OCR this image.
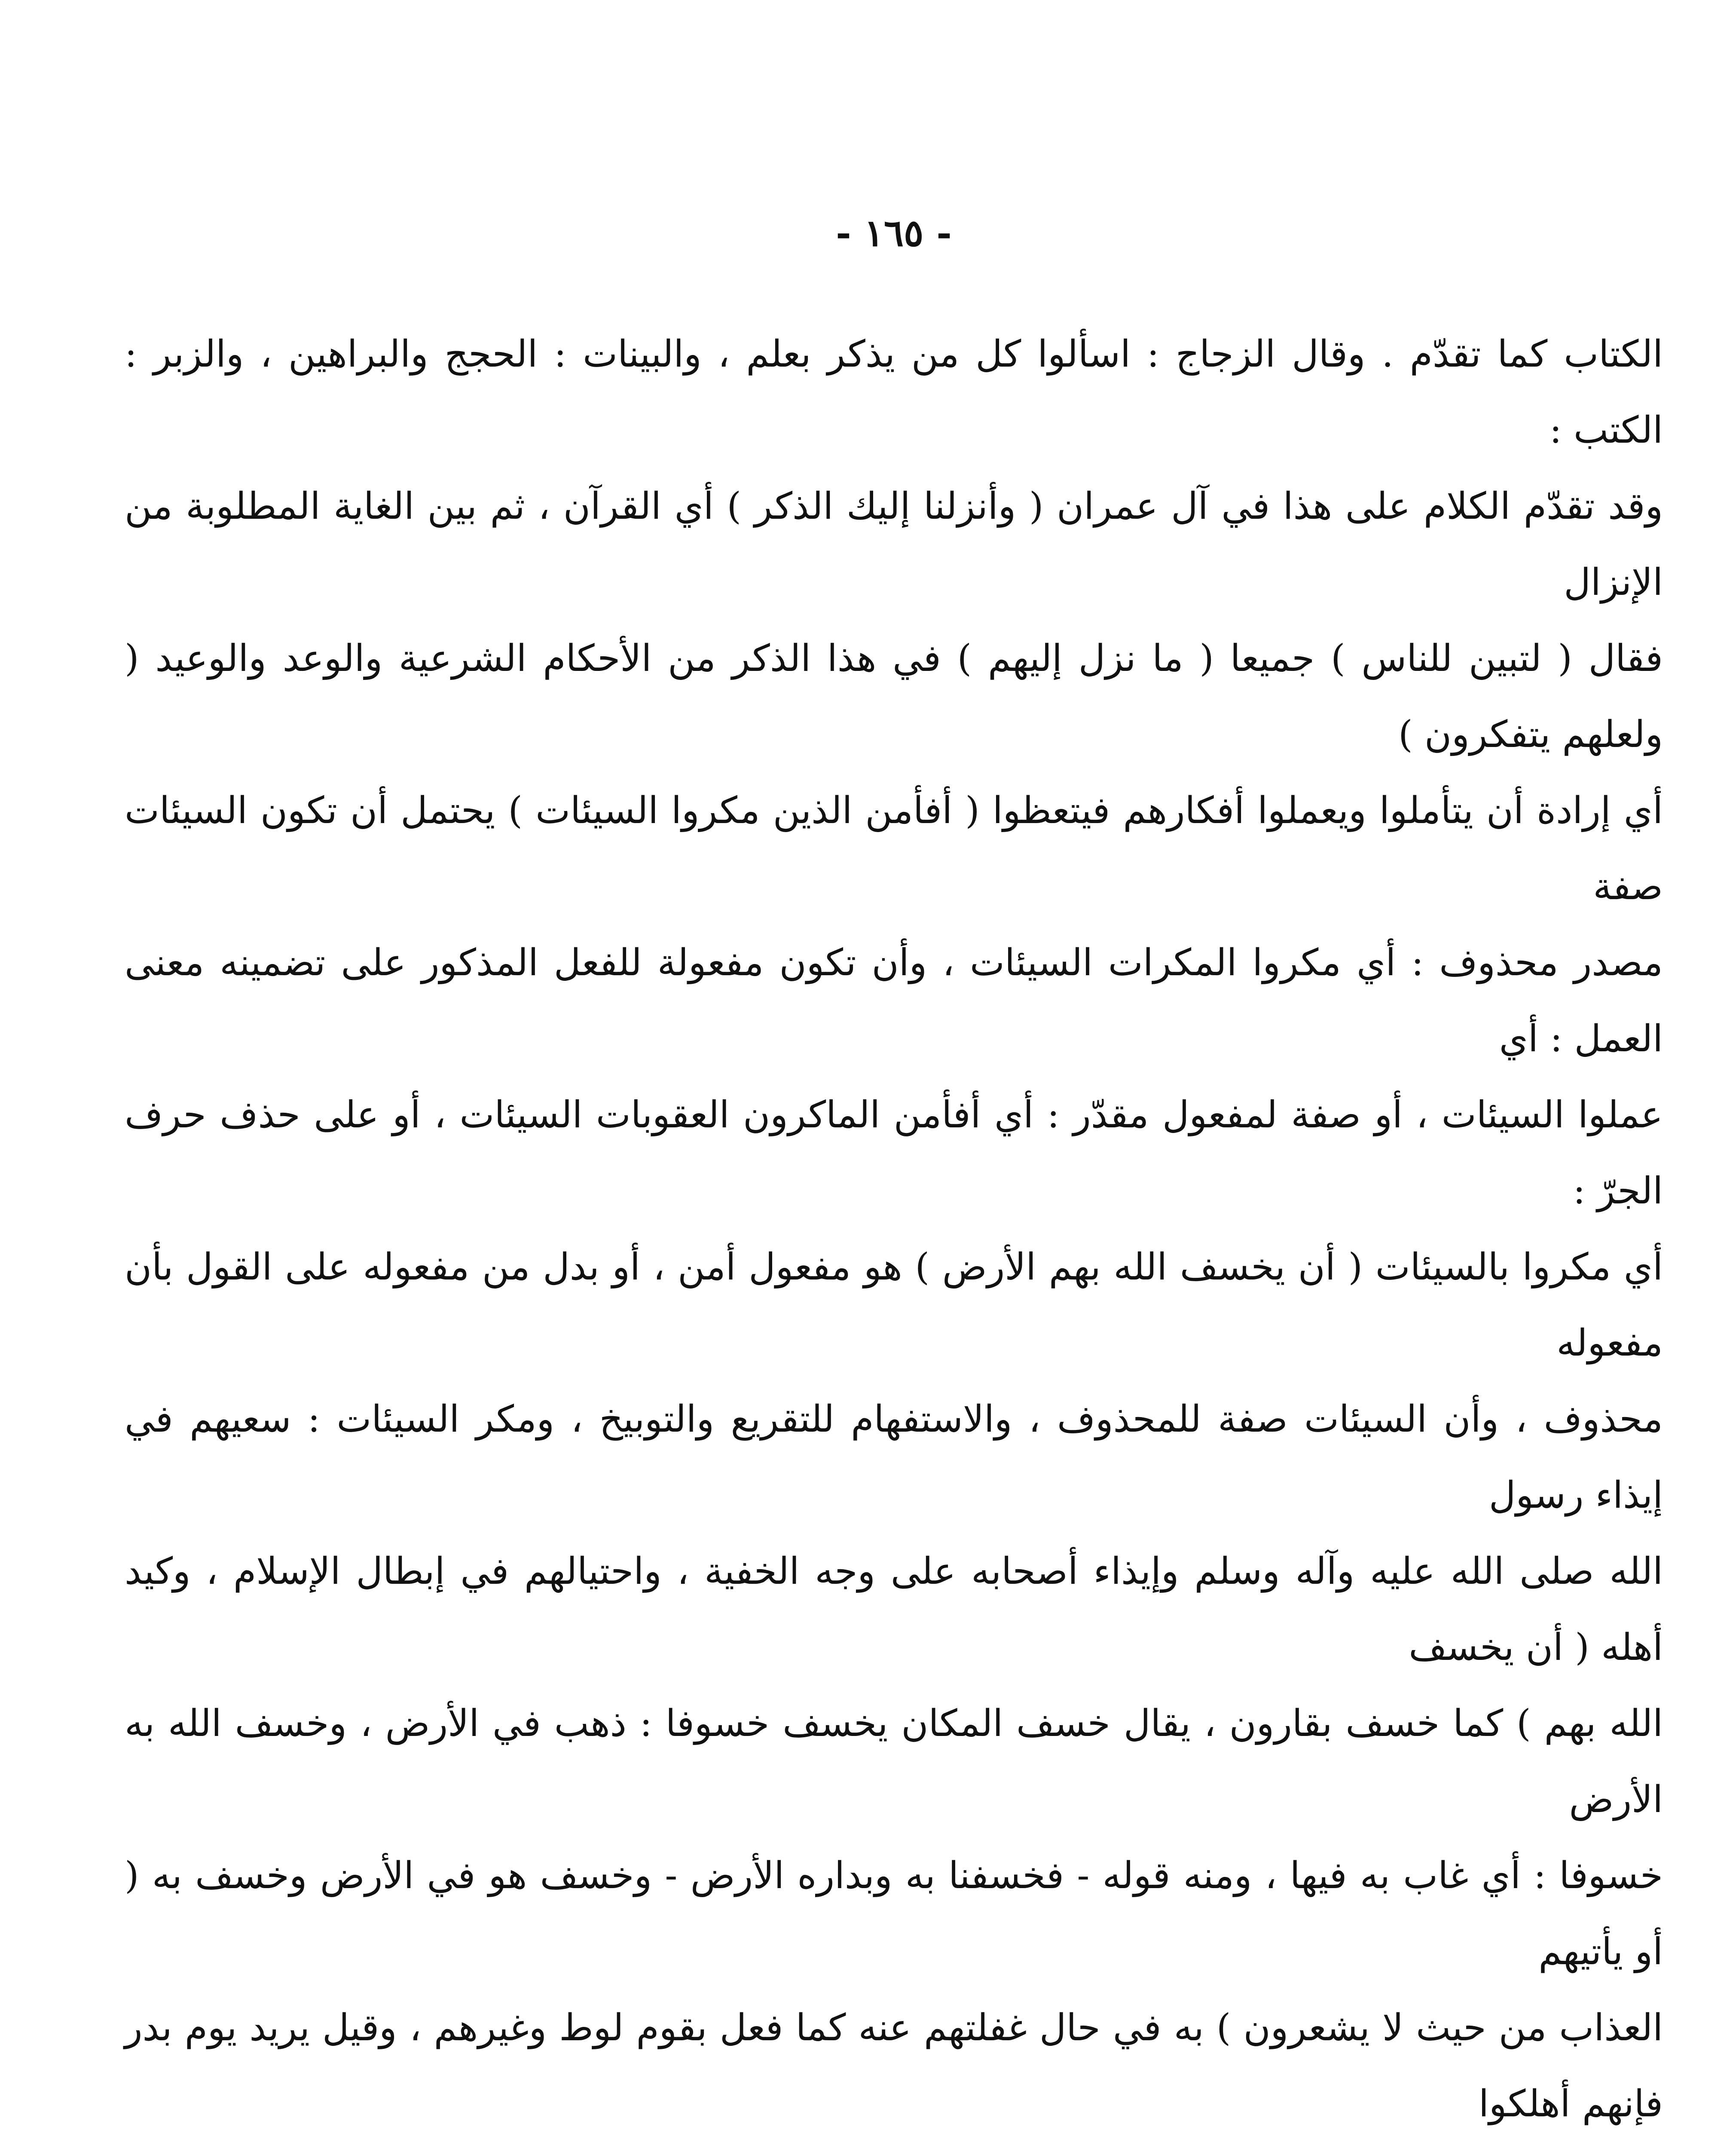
- ١٦٥ -

الكتاب كما تقدّم . وقال الزجاج : اسألوا كل من يذكر بعلم ، والبينات : الحجج والبراهين ، والزبر : الكتب :
وقد تقدّم الكلام على هذا في آل عمران ( وأنزلنا إليك الذكر ) أي القرآن ، ثم بين الغاية المطلوبة من الإنزال
فقال ( لتبين للناس ) جميعا ( ما نزل إليهم ) في هذا الذكر من الأحكام الشرعية والوعد والوعيد ( ولعلهم يتفكرون )
أي إرادة أن يتأملوا ويعملوا أفكارهم فيتعظوا ( أفأمن الذين مكروا السيئات ) يحتمل أن تكون السيئات صفة
مصدر محذوف : أي مكروا المكرات السيئات ، وأن تكون مفعولة للفعل المذكور على تضمينه معنى العمل : أي
عملوا السيئات ، أو صفة لمفعول مقدّر : أي أفأمن الماكرون العقوبات السيئات ، أو على حذف حرف الجرّ :
أي مكروا بالسيئات ( أن يخسف الله بهم الأرض ) هو مفعول أمن ، أو بدل من مفعوله على القول بأن مفعوله
محذوف ، وأن السيئات صفة للمحذوف ، والاستفهام للتقريع والتوبيخ ، ومكر السيئات : سعيهم في إيذاء رسول
الله صلى الله عليه وآله وسلم وإيذاء أصحابه على وجه الخفية ، واحتيالهم في إبطال الإسلام ، وكيد أهله ( أن يخسف
الله بهم ) كما خسف بقارون ، يقال خسف المكان يخسف خسوفا : ذهب في الأرض ، وخسف الله به الأرض
خسوفا : أي غاب به فيها ، ومنه قوله - فخسفنا به وبداره الأرض - وخسف هو في الأرض وخسف به ( أو يأتيهم
العذاب من حيث لا يشعرون ) به في حال غفلتهم عنه كما فعل بقوم لوط وغيرهم ، وقيل يريد يوم بدر فإنهم أهلكوا
